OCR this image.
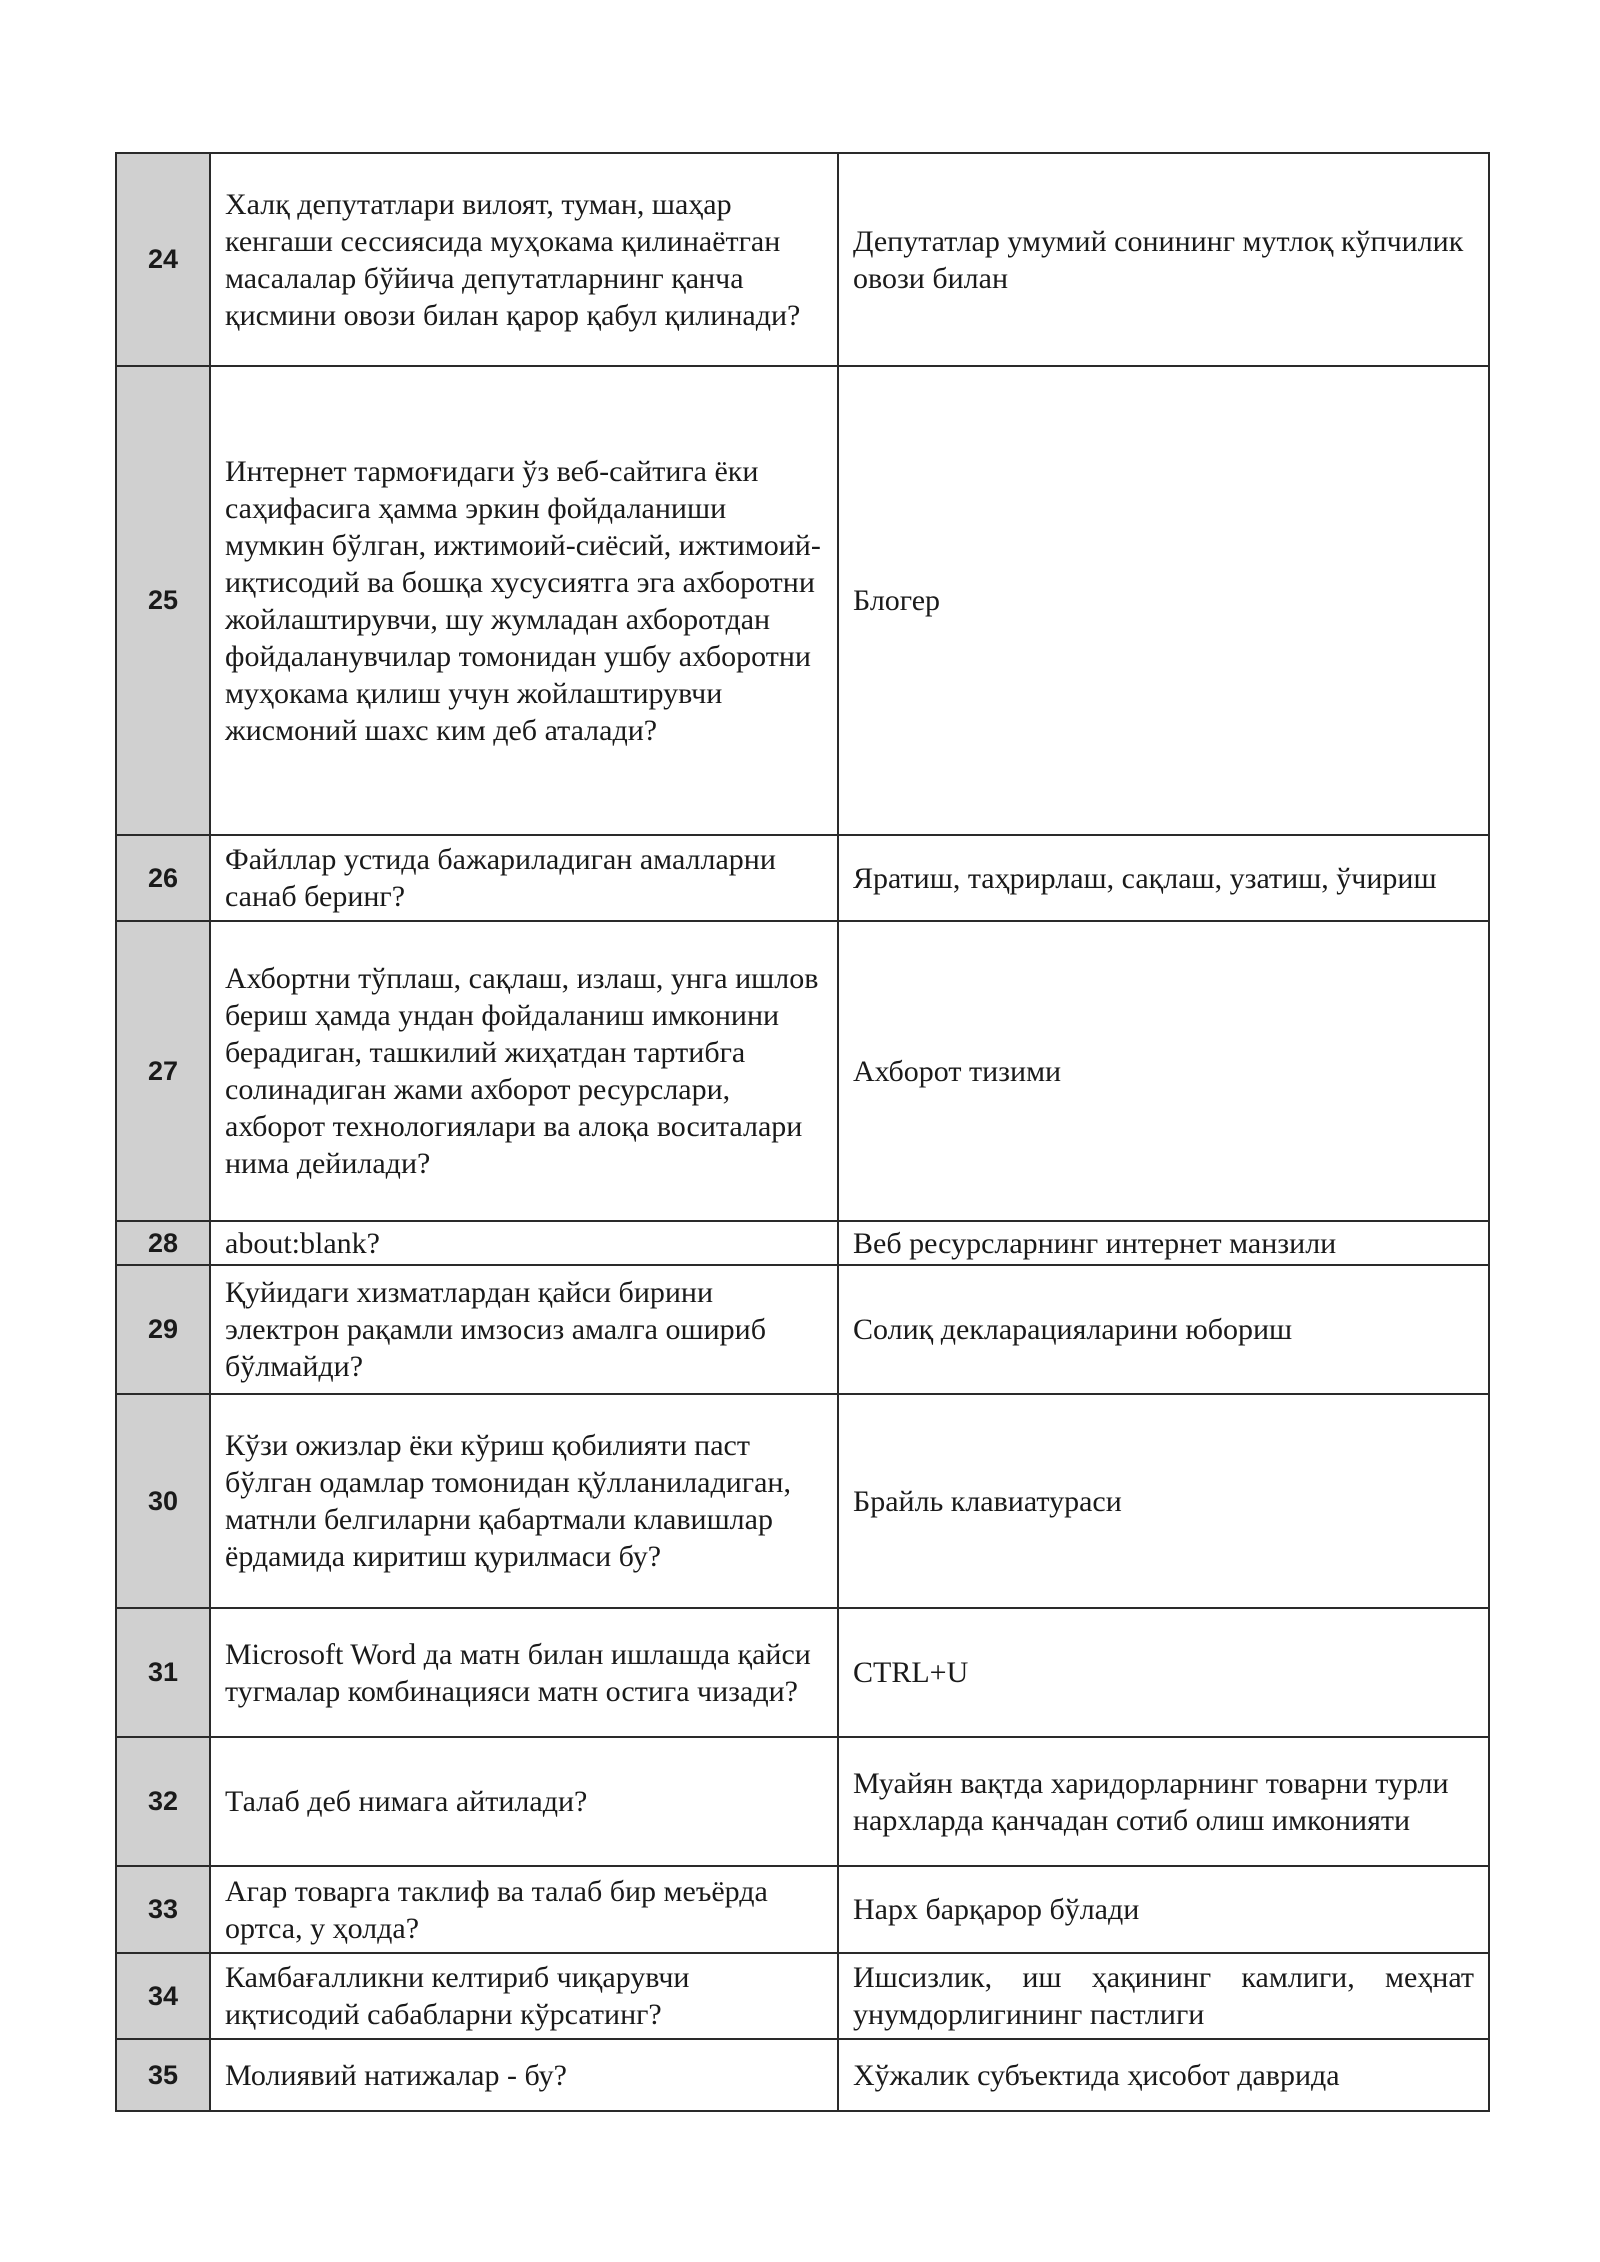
24	Халқ депутатлари вилоят, туман, шаҳар кенгаши сессиясида муҳокама қилинаётган масалалар бўйича депутатларнинг қанча қисмини овози билан қарор қабул қилинади?	Депутатлар умумий сонининг мутлоқ кўпчилик овози билан
25	Интернет тармоғидаги ўз веб-сайтига ёки саҳифасига ҳамма эркин фойдаланиши мумкин бўлган, ижтимоий-сиёсий, ижтимоий-иқтисодий ва бошқа хусусиятга эга ахборотни жойлаштирувчи, шу жумладан ахборотдан фойдаланувчилар томонидан ушбу ахборотни муҳокама қилиш учун жойлаштирувчи жисмоний шахс ким деб аталади?	Блогер
26	Файллар устида бажариладиган амалларни санаб беринг?	Яратиш, таҳрирлаш, сақлаш, узатиш, ўчириш
27	Ахбортни тўплаш, сақлаш, излаш, унга ишлов бериш ҳамда ундан фойдаланиш имконини берадиган, ташкилий жиҳатдан тартибга солинадиган жами ахборот ресурслари, ахборот технологиялари ва алоқа воситалари нима дейилади?	Ахборот тизими
28	about:blank?	Веб ресурсларнинг интернет манзили
29	Қуйидаги хизматлардан қайси бирини электрон рақамли имзосиз амалга ошириб бўлмайди?	Солиқ декларацияларини юбориш
30	Кўзи ожизлар ёки кўриш қобилияти паст бўлган одамлар томонидан қўлланиладиган, матнли белгиларни қабартмали клавишлар ёрдамида киритиш қурилмаси бу?	Брайль клавиатураси
31	Microsoft Word да матн билан ишлашда қайси тугмалар комбинацияси матн остига чизади?	CTRL+U
32	Талаб деб нимага айтилади?	Муайян вақтда харидорларнинг товарни турли нархларда қанчадан сотиб олиш имконияти
33	Агар товарга таклиф ва талаб бир меъёрда ортса, у ҳолда?	Нарх барқарор бўлади
34	Камбағалликни келтириб чиқарувчи иқтисодий сабабларни кўрсатинг?	Ишсизлик, иш ҳақининг камлиги, меҳнат унумдорлигининг пастлиги
35	Молиявий натижалар - бу?	Хўжалик субъектида ҳисобот даврида
